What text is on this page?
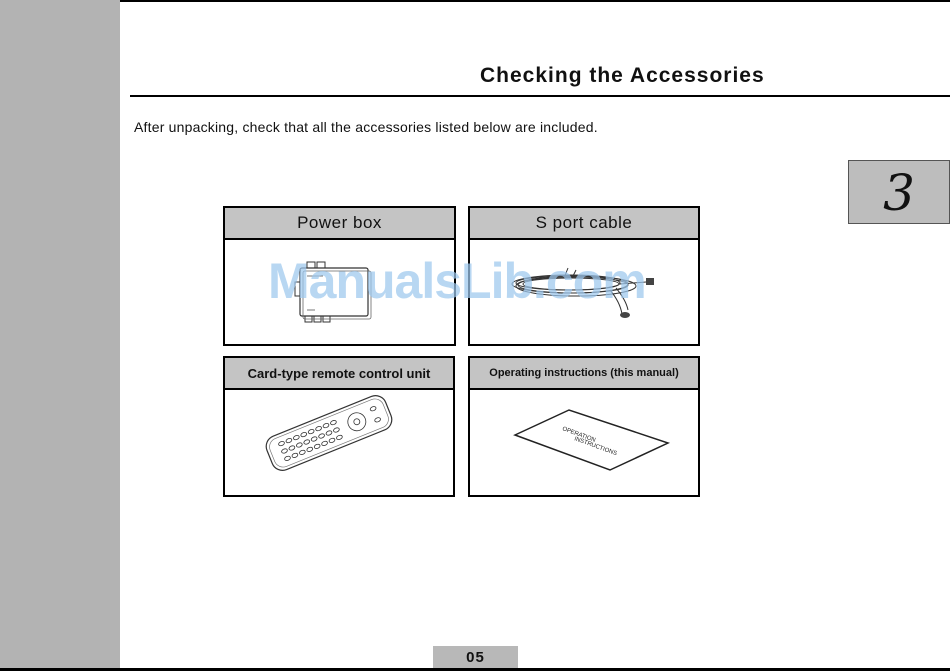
Checking the Accessories
After unpacking, check that all the accessories listed below are included.
3
Power box	S port cable
Card-type remote control unit	Operating instructions (this manual)
OPERATION
INSTRUCTIONS
ManualsLib.com
05
